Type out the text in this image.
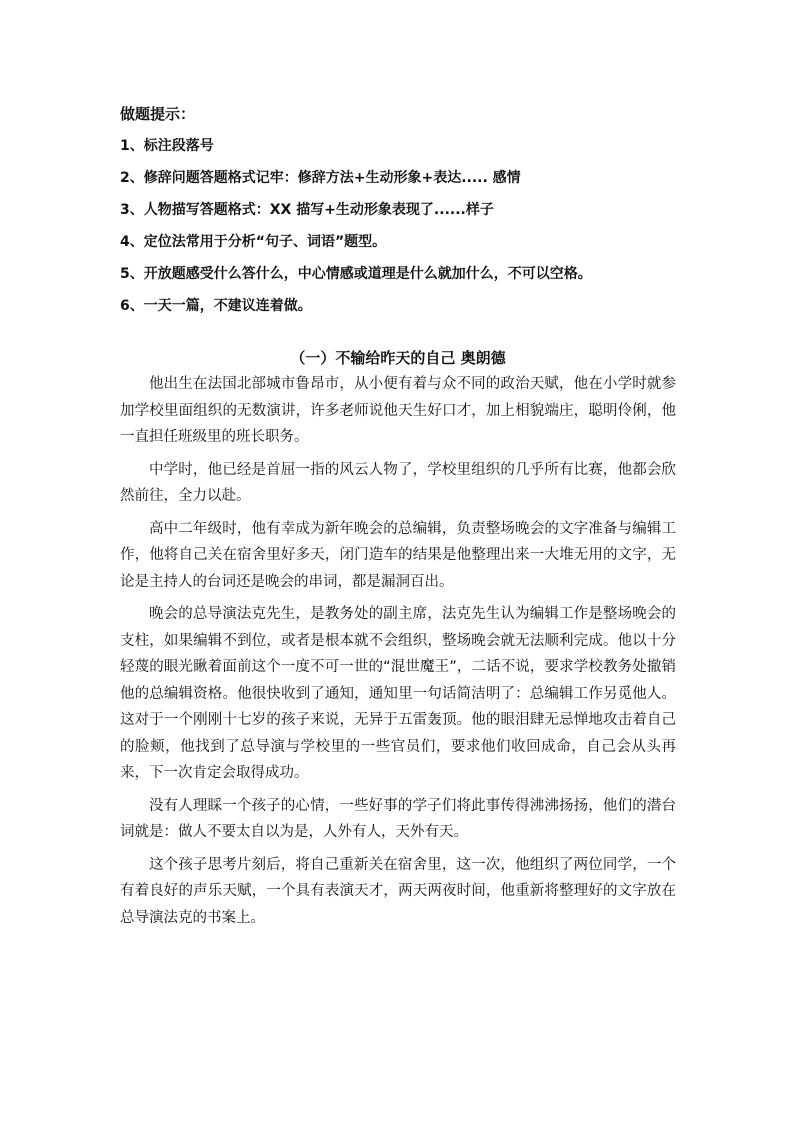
做题提示：
1、标注段落号
2、修辞问题答题格式记牢：修辞方法+生动形象+表达..... 感情
3、人物描写答题格式：XX 描写+生动形象表现了......样子
4、定位法常用于分析“句子、词语”题型。
5、开放题感受什么答什么，中心情感或道理是什么就加什么，不可以空格。
6、一天一篇，不建议连着做。
（一）不输给昨天的自己 奥朗德

他出生在法国北部城市鲁昂市，从小便有着与众不同的政治天赋，他在小学时就参加学校里面组织的无数演讲，许多老师说他天生好口才，加上相貌端庄，聪明伶俐，他一直担任班级里的班长职务。

中学时，他已经是首屈一指的风云人物了，学校里组织的几乎所有比赛，他都会欣然前往，全力以赴。

高中二年级时，他有幸成为新年晚会的总编辑，负责整场晚会的文字准备与编辑工作，他将自己关在宿舍里好多天，闭门造车的结果是他整理出来一大堆无用的文字，无论是主持人的台词还是晚会的串词，都是漏洞百出。

晚会的总导演法克先生，是教务处的副主席，法克先生认为编辑工作是整场晚会的支柱，如果编辑不到位，或者是根本就不会组织，整场晚会就无法顺利完成。他以十分轻蔑的眼光瞅着面前这个一度不可一世的“混世魔王”，二话不说，要求学校教务处撤销他的总编辑资格。他很快收到了通知，通知里一句话简洁明了：总编辑工作另觅他人。这对于一个刚刚十七岁的孩子来说，无异于五雷轰顶。他的眼泪肆无忌惮地攻击着自己的脸颊，他找到了总导演与学校里的一些官员们，要求他们收回成命，自己会从头再来，下一次肯定会取得成功。

没有人理睬一个孩子的心情，一些好事的学子们将此事传得沸沸扬扬，他们的潜台词就是：做人不要太自以为是，人外有人，天外有天。

这个孩子思考片刻后，将自己重新关在宿舍里，这一次，他组织了两位同学，一个有着良好的声乐天赋，一个具有表演天才，两天两夜时间，他重新将整理好的文字放在总导演法克的书案上。
